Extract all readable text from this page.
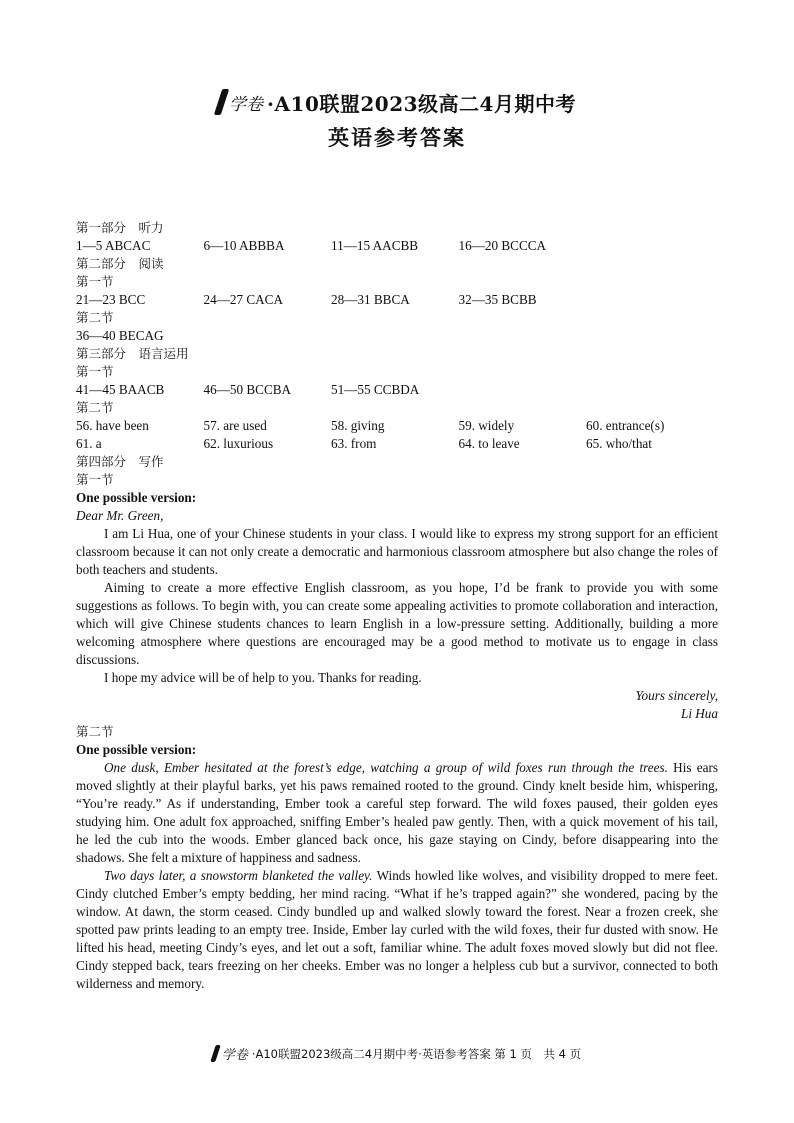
学卷 ·A10联盟2023级高二4月期中考
英语参考答案
第一部分　听力
1—5 ABCAC	6—10 ABBBA	11—15 AACBB	16—20 BCCCA
第二部分　阅读
第一节
21—23 BCC	24—27 CACA	28—31 BBCA	32—35 BCBB
第二节
36—40 BECAG
第三部分　语言运用
第一节
41—45 BAACB	46—50 BCCBA	51—55 CCBDA
第二节
56. have been	57. are used	58. giving	59. widely	60. entrance(s)
61. a	62. luxurious	63. from	64. to leave	65. who/that
第四部分　写作
第一节
One possible version:
Dear Mr. Green,

I am Li Hua, one of your Chinese students in your class. I would like to express my strong support for an efficient classroom because it can not only create a democratic and harmonious classroom atmosphere but also change the roles of both teachers and students.

Aiming to create a more effective English classroom, as you hope, I’d be frank to provide you with some suggestions as follows. To begin with, you can create some appealing activities to promote collaboration and interaction, which will give Chinese students chances to learn English in a low-pressure setting. Additionally, building a more welcoming atmosphere where questions are encouraged may be a good method to motivate us to engage in class discussions.

I hope my advice will be of help to you. Thanks for reading.

Yours sincerely,
Li Hua
第二节
One possible version:

One dusk, Ember hesitated at the forest’s edge, watching a group of wild foxes run through the trees. His ears moved slightly at their playful barks, yet his paws remained rooted to the ground. Cindy knelt beside him, whispering, “You’re ready.” As if understanding, Ember took a careful step forward. The wild foxes paused, their golden eyes studying him. One adult fox approached, sniffing Ember’s healed paw gently. Then, with a quick movement of his tail, he led the cub into the woods. Ember glanced back once, his gaze staying on Cindy, before disappearing into the shadows. She felt a mixture of happiness and sadness.

Two days later, a snowstorm blanketed the valley. Winds howled like wolves, and visibility dropped to mere feet. Cindy clutched Ember’s empty bedding, her mind racing. “What if he’s trapped again?” she wondered, pacing by the window. At dawn, the storm ceased. Cindy bundled up and walked slowly toward the forest. Near a frozen creek, she spotted paw prints leading to an empty tree. Inside, Ember lay curled with the wild foxes, their fur dusted with snow. He lifted his head, meeting Cindy’s eyes, and let out a soft, familiar whine. The adult foxes moved slowly but did not flee. Cindy stepped back, tears freezing on her cheeks. Ember was no longer a helpless cub but a survivor, connected to both wilderness and memory.

学卷 ·A10联盟2023级高二4月期中考·英语参考答案 第 1 页　共 4 页
